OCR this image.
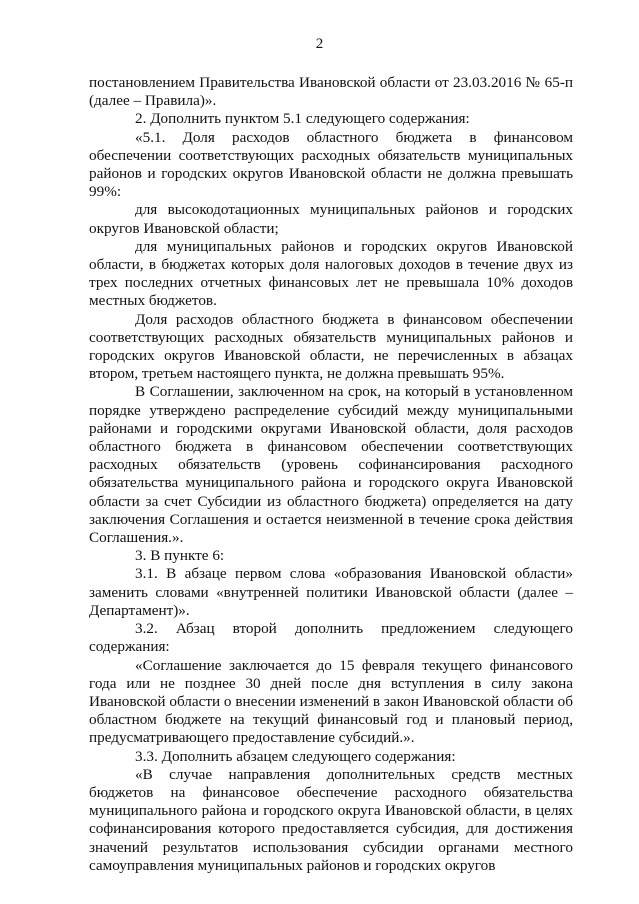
2

постановлением Правительства Ивановской области от 23.03.2016 № 65-п (далее – Правила)».

2. Дополнить пунктом 5.1 следующего содержания:

«5.1. Доля расходов областного бюджета в финансовом обеспечении соответствующих расходных обязательств муниципальных районов и городских округов Ивановской области не должна превышать 99%:

для высокодотационных муниципальных районов и городских округов Ивановской области;

для муниципальных районов и городских округов Ивановской области, в бюджетах которых доля налоговых доходов в течение двух из трех последних отчетных финансовых лет не превышала 10% доходов местных бюджетов.

Доля расходов областного бюджета в финансовом обеспечении соответствующих расходных обязательств муниципальных районов и городских округов Ивановской области, не перечисленных в абзацах втором, третьем настоящего пункта, не должна превышать 95%.

В Соглашении, заключенном на срок, на который в установленном порядке утверждено распределение субсидий между муниципальными районами и городскими округами Ивановской области, доля расходов областного бюджета в финансовом обеспечении соответствующих расходных обязательств (уровень софинансирования расходного обязательства муниципального района и городского округа Ивановской области за счет Субсидии из областного бюджета) определяется на дату заключения Соглашения и остается неизменной в течение срока действия Соглашения.».

3. В пункте 6:

3.1. В абзаце первом слова «образования Ивановской области» заменить словами «внутренней политики Ивановской области (далее – Департамент)».

3.2. Абзац второй дополнить предложением следующего содержания:

«Соглашение заключается до 15 февраля текущего финансового года или не позднее 30 дней после дня вступления в силу закона Ивановской области о внесении изменений в закон Ивановской области об областном бюджете на текущий финансовый год и плановый период, предусматривающего предоставление субсидий.».

3.3. Дополнить абзацем следующего содержания:

«В случае направления дополнительных средств местных бюджетов на финансовое обеспечение расходного обязательства муниципального района и городского округа Ивановской области, в целях софинансирования которого предоставляется субсидия, для достижения значений результатов использования субсидии органами местного самоуправления муниципальных районов и городских округов
